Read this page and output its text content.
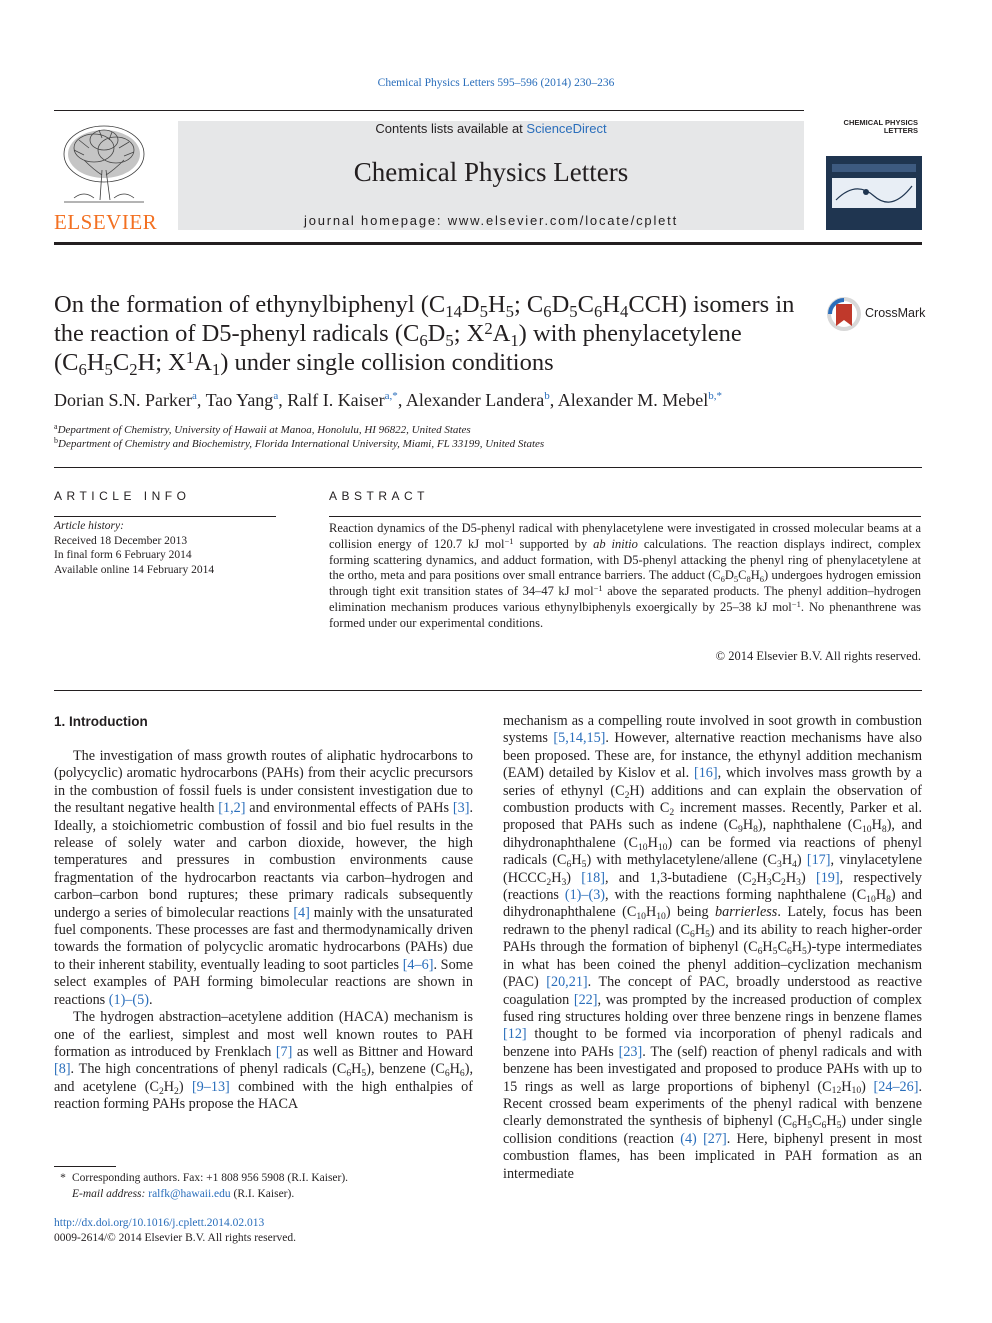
Chemical Physics Letters 595–596 (2014) 230–236
ELSEVIER
Contents lists available at ScienceDirect
Chemical Physics Letters
journal homepage: www.elsevier.com/locate/cplett
CHEMICAL PHYSICS LETTERS
On the formation of ethynylbiphenyl ($C_{14}D_5H_5$; $C_6D_5C_6H_4CCH$) isomers in the reaction of D5-phenyl radicals ($C_6D_5$; $X^2A_1$) with phenylacetylene ($C_6H_5C_2H$; $X^1A_1$) under single collision conditions
CrossMark
Dorian S.N. Parker$^a$, Tao Yang$^a$, Ralf I. Kaiser$^{a,*}$, Alexander Landera$^b$, Alexander M. Mebel$^{b,*}$
$^a$Department of Chemistry, University of Hawaii at Manoa, Honolulu, HI 96822, United States
$^b$Department of Chemistry and Biochemistry, Florida International University, Miami, FL 33199, United States
ARTICLE INFO
Article history:
Received 18 December 2013
In final form 6 February 2014
Available online 14 February 2014
ABSTRACT
Reaction dynamics of the D5-phenyl radical with phenylacetylene were investigated in crossed molecular beams at a collision energy of 120.7 kJ mol$^{-1}$ supported by ab initio calculations. The reaction displays indirect, complex forming scattering dynamics, and adduct formation, with D5-phenyl attacking the phenyl ring of phenylacetylene at the ortho, meta and para positions over small entrance barriers. The adduct $(C_6D_5C_8H_6)$ undergoes hydrogen emission through tight exit transition states of 34–47 kJ mol$^{-1}$ above the separated products. The phenyl addition–hydrogen elimination mechanism produces various ethynylbiphenyls exoergically by 25–38 kJ mol$^{-1}$. No phenanthrene was formed under our experimental conditions.
© 2014 Elsevier B.V. All rights reserved.
1. Introduction

The investigation of mass growth routes of aliphatic hydrocarbons to (polycyclic) aromatic hydrocarbons (PAHs) from their acyclic precursors in the combustion of fossil fuels is under consistent investigation due to the resultant negative health [1,2] and environmental effects of PAHs [3]. Ideally, a stoichiometric combustion of fossil and bio fuel results in the release of solely water and carbon dioxide, however, the high temperatures and pressures in combustion environments cause fragmentation of the hydrocarbon reactants via carbon–hydrogen and carbon–carbon bond ruptures; these primary radicals subsequently undergo a series of bimolecular reactions [4] mainly with the unsaturated fuel components. These processes are fast and thermodynamically driven towards the formation of polycyclic aromatic hydrocarbons (PAHs) due to their inherent stability, eventually leading to soot particles [4–6]. Some select examples of PAH forming bimolecular reactions are shown in reactions (1)–(5).

The hydrogen abstraction–acetylene addition (HACA) mechanism is one of the earliest, simplest and most well known routes to PAH formation as introduced by Frenklach [7] as well as Bittner and Howard [8]. The high concentrations of phenyl radicals $(C_6H_5)$, benzene $(C_6H_6)$, and acetylene $(C_2H_2)$ [9–13] combined with the high enthalpies of reaction forming PAHs propose the HACA

mechanism as a compelling route involved in soot growth in combustion systems [5,14,15]. However, alternative reaction mechanisms have also been proposed. These are, for instance, the ethynyl addition mechanism (EAM) detailed by Kislov et al. [16], which involves mass growth by a series of ethynyl $(C_2H)$ additions and can explain the observation of combustion products with $C_2$ increment masses. Recently, Parker et al. proposed that PAHs such as indene $(C_9H_8)$, naphthalene $(C_{10}H_8)$, and dihydronaphthalene $(C_{10}H_{10})$ can be formed via reactions of phenyl radicals $(C_6H_5)$ with methylacetylene/allene $(C_3H_4)$ [17], vinylacetylene $(HCCC_2H_3)$ [18], and 1,3-butadiene $(C_2H_3C_2H_3)$ [19], respectively (reactions (1)–(3), with the reactions forming naphthalene $(C_{10}H_8)$ and dihydronaphthalene $(C_{10}H_{10})$ being barrierless. Lately, focus has been redrawn to the phenyl radical $(C_6H_5)$ and its ability to reach higher-order PAHs through the formation of biphenyl $(C_6H_5C_6H_5)$-type intermediates in what has been coined the phenyl addition–cyclization mechanism (PAC) [20,21]. The concept of PAC, broadly understood as reactive coagulation [22], was prompted by the increased production of complex fused ring structures holding over three benzene rings in benzene flames [12] thought to be formed via incorporation of phenyl radicals and benzene into PAHs [23]. The (self) reaction of phenyl radicals and with benzene has been investigated and proposed to produce PAHs with up to 15 rings as well as large proportions of biphenyl $(C_{12}H_{10})$ [24–26]. Recent crossed beam experiments of the phenyl radical with benzene clearly demonstrated the synthesis of biphenyl $(C_6H_5C_6H_5)$ under single collision conditions (reaction (4) [27]. Here, biphenyl present in most combustion flames, has been implicated in PAH formation as an intermediate

* Corresponding authors. Fax: +1 808 956 5908 (R.I. Kaiser).
E-mail address: ralfk@hawaii.edu (R.I. Kaiser).
http://dx.doi.org/10.1016/j.cplett.2014.02.013
0009-2614/© 2014 Elsevier B.V. All rights reserved.
